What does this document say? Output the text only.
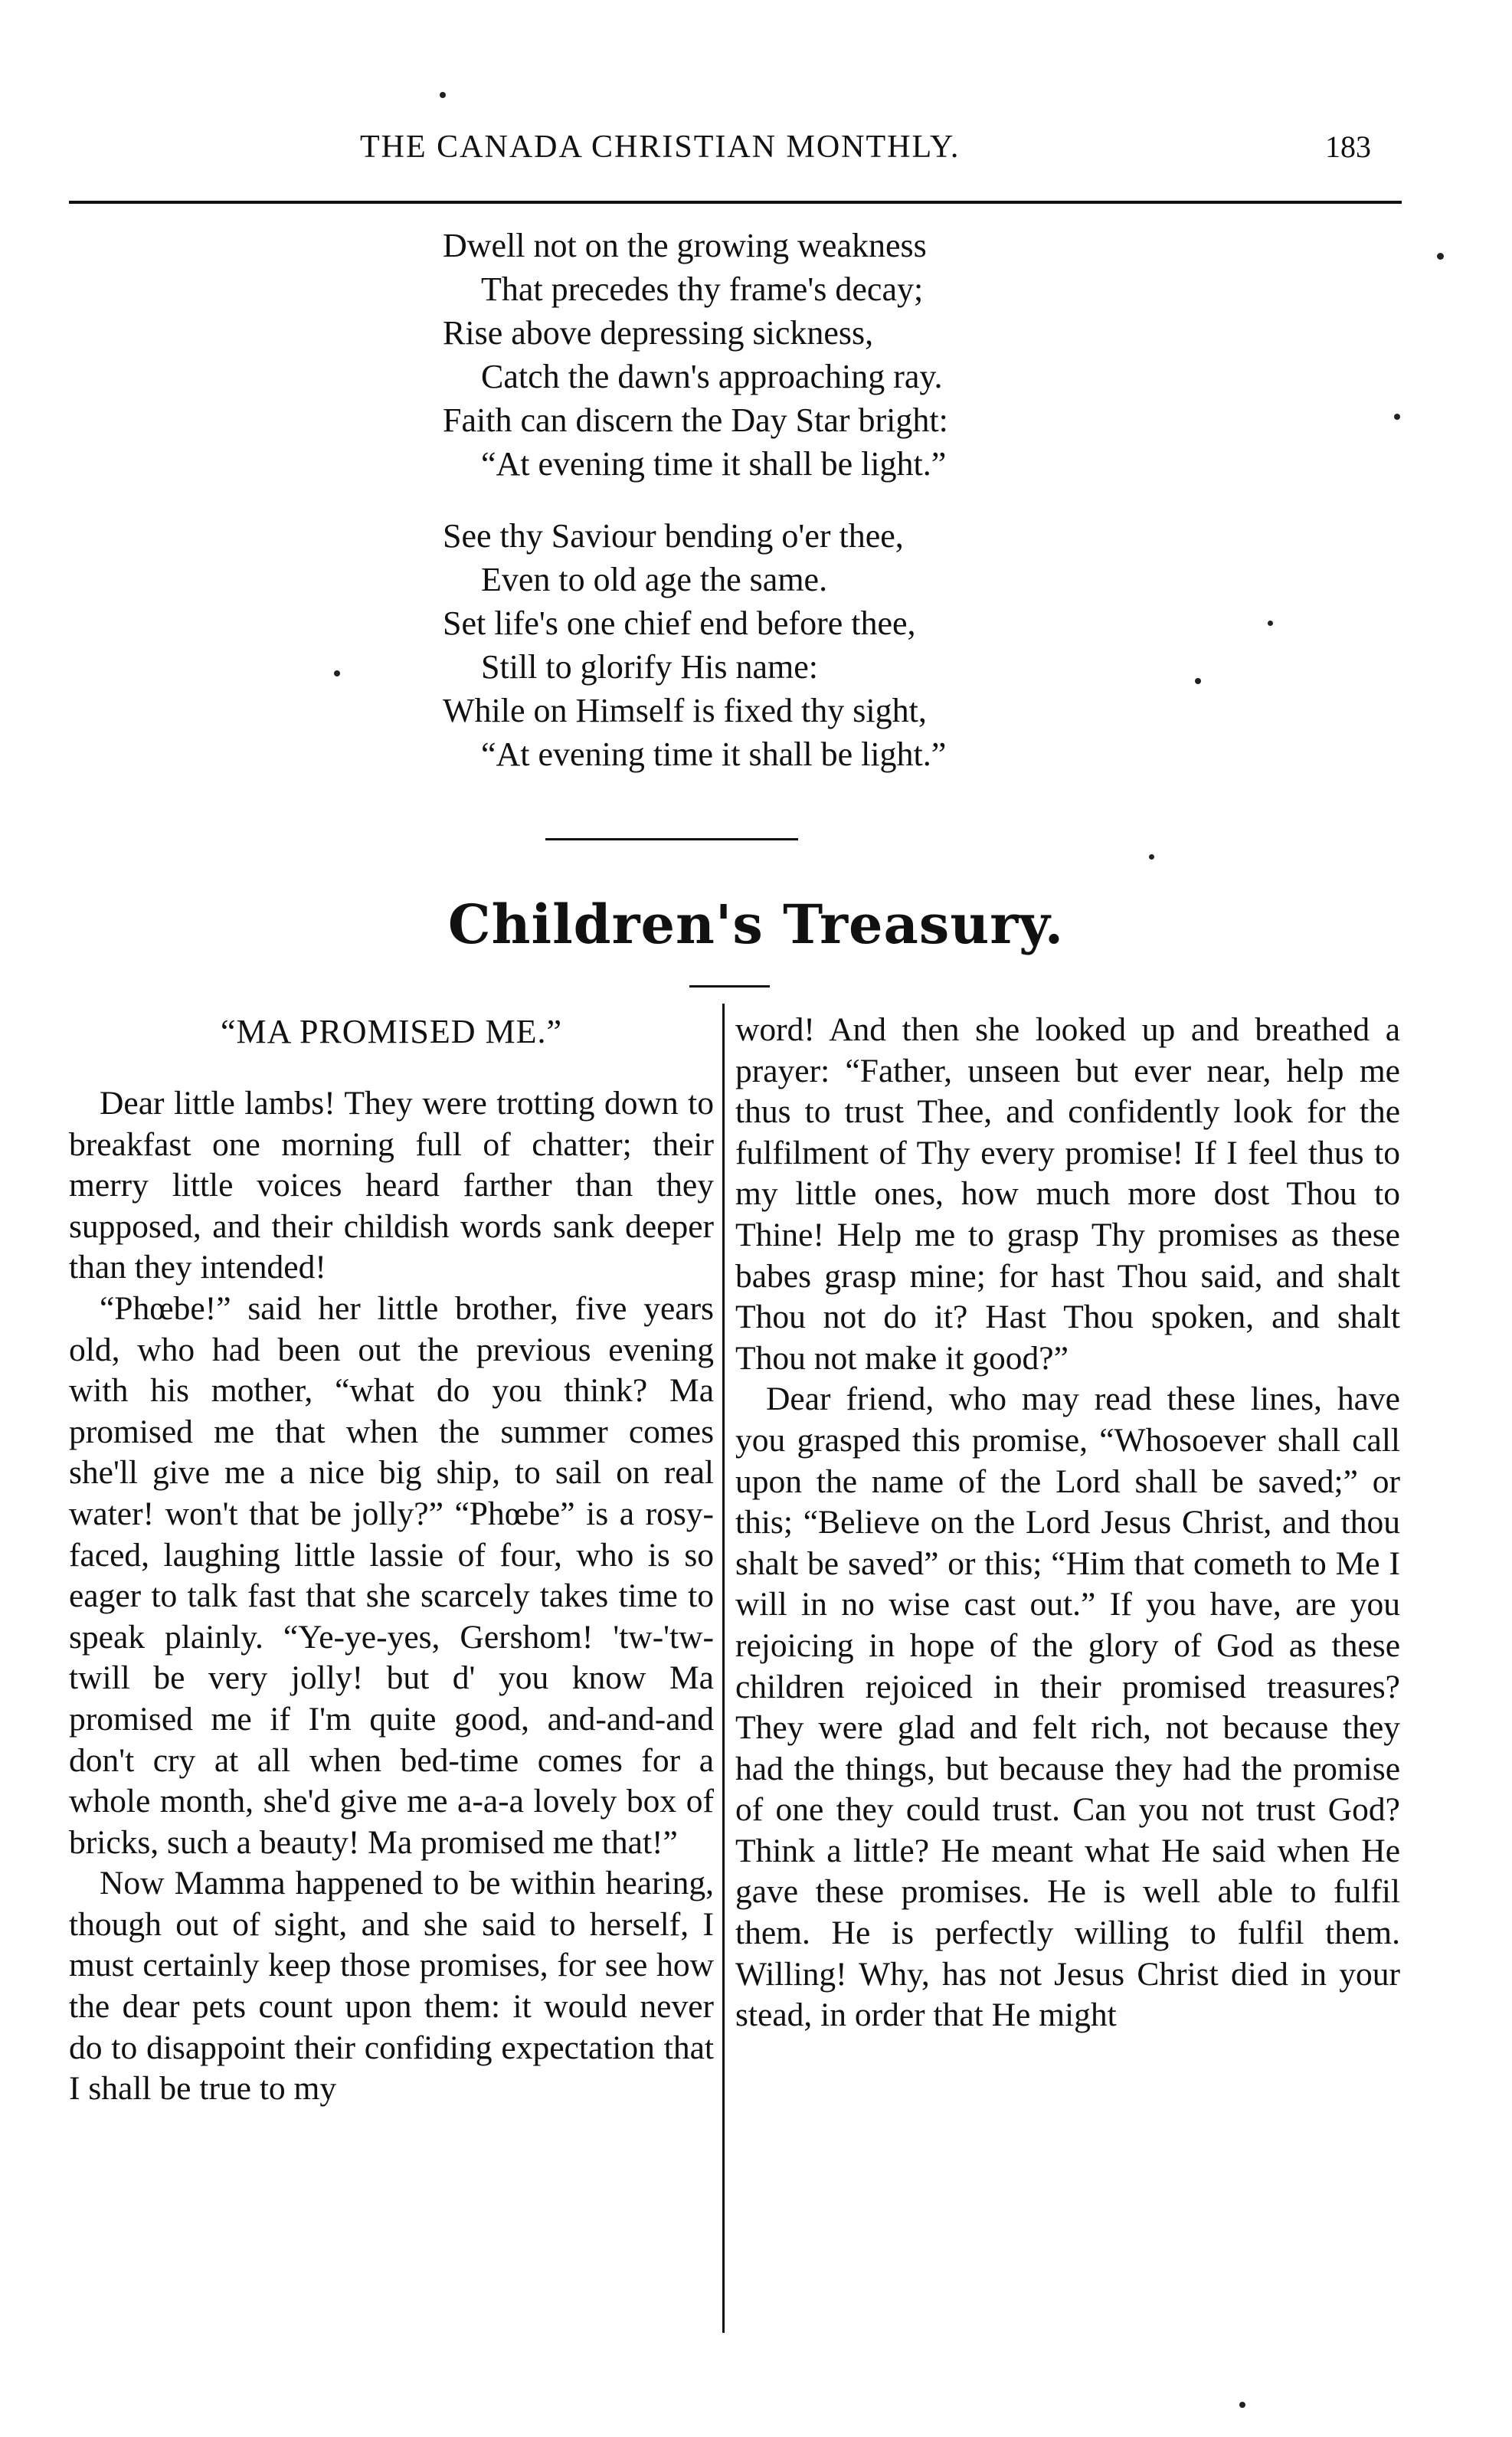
THE CANADA CHRISTIAN MONTHLY.	183
Dwell not on the growing weakness
That precedes thy frame's decay;
Rise above depressing sickness,
Catch the dawn's approaching ray.
Faith can discern the Day Star bright:
“At evening time it shall be light.”
See thy Saviour bending o'er thee,
Even to old age the same.
Set life's one chief end before thee,
Still to glorify His name:
While on Himself is fixed thy sight,
“At evening time it shall be light.”
Children's Treasury.
“MA PROMISED ME.”

Dear little lambs! They were trotting down to breakfast one morning full of chatter; their merry little voices heard farther than they supposed, and their childish words sank deeper than they intended!

“Phœbe!” said her little brother, five years old, who had been out the previous evening with his mother, “what do you think? Ma promised me that when the summer comes she'll give me a nice big ship, to sail on real water! won't that be jolly?” “Phœbe” is a rosy-faced, laughing little lassie of four, who is so eager to talk fast that she scarcely takes time to speak plainly. “Ye-ye-yes, Gershom! 'tw-'tw-twill be very jolly! but d' you know Ma promised me if I'm quite good, and-and-and don't cry at all when bed-time comes for a whole month, she'd give me a-a-a lovely box of bricks, such a beauty! Ma promised me that!”

Now Mamma happened to be within hearing, though out of sight, and she said to herself, I must certainly keep those promises, for see how the dear pets count upon them: it would never do to disappoint their confiding expectation that I shall be true to my

word! And then she looked up and breathed a prayer: “Father, unseen but ever near, help me thus to trust Thee, and confidently look for the fulfilment of Thy every promise! If I feel thus to my little ones, how much more dost Thou to Thine! Help me to grasp Thy promises as these babes grasp mine; for hast Thou said, and shalt Thou not do it? Hast Thou spoken, and shalt Thou not make it good?”

Dear friend, who may read these lines, have you grasped this promise, “Whosoever shall call upon the name of the Lord shall be saved;” or this; “Believe on the Lord Jesus Christ, and thou shalt be saved” or this; “Him that cometh to Me I will in no wise cast out.” If you have, are you rejoicing in hope of the glory of God as these children rejoiced in their promised treasures? They were glad and felt rich, not because they had the things, but because they had the promise of one they could trust. Can you not trust God? Think a little? He meant what He said when He gave these promises. He is well able to fulfil them. He is perfectly willing to fulfil them. Willing! Why, has not Jesus Christ died in your stead, in order that He might
